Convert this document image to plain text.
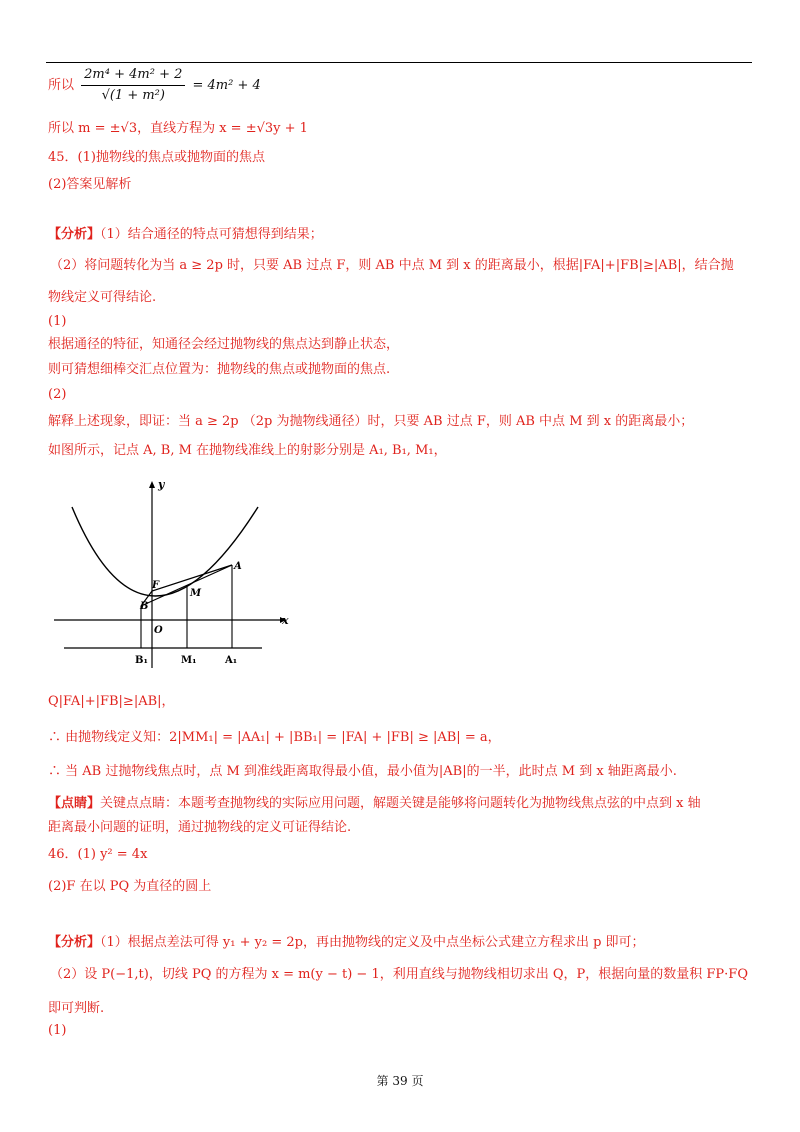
所以 $\frac{\text{2m⁴ + 4m² + 2}}{\text{√(1 + m²)}} = 4m^2 + 4$
所以 m = ±√3，直线方程为 x = ±√3y + 1
45．(1)抛物线的焦点或抛物面的焦点
(2)答案见解析
【分析】（1）结合通径的特点可猜想得到结果；
（2）将问题转化为当 a ≥ 2p 时，只要 AB 过点 F，则 AB 中点 M 到 x 的距离最小，根据|FA|+|FB|≥|AB|，结合抛
物线定义可得结论.
(1)
根据通径的特征，知通径会经过抛物线的焦点达到静止状态，
则可猜想细棒交汇点位置为：抛物线的焦点或抛物面的焦点.
(2)
解释上述现象，即证：当 a ≥ 2p （2p 为抛物线通径）时，只要 AB 过点 F，则 AB 中点 M 到 x 的距离最小；
如图所示，记点 A, B, M 在抛物线准线上的射影分别是 A₁, B₁, M₁，
y
x
O
A
B
F
M
B₁	M₁	A₁
Q|FA|+|FB|≥|AB|，
∴ 由抛物线定义知：2|MM₁| = |AA₁| + |BB₁| = |FA| + |FB| ≥ |AB| = a，
∴ 当 AB 过抛物线焦点时，点 M 到准线距离取得最小值，最小值为|AB|的一半，此时点 M 到 x 轴距离最小.
【点睛】关键点点睛：本题考查抛物线的实际应用问题，解题关键是能够将问题转化为抛物线焦点弦的中点到 x 轴
距离最小问题的证明，通过抛物线的定义可证得结论.
46．(1) y² = 4x
(2)F 在以 PQ 为直径的圆上
【分析】（1）根据点差法可得 y₁ + y₂ = 2p，再由抛物线的定义及中点坐标公式建立方程求出 p 即可；
（2）设 P(−1,t)，切线 PQ 的方程为 x = m(y − t) − 1，利用直线与抛物线相切求出 Q，P，根据向量的数量积 FP·FQ
即可判断.
(1)
第 39 页
